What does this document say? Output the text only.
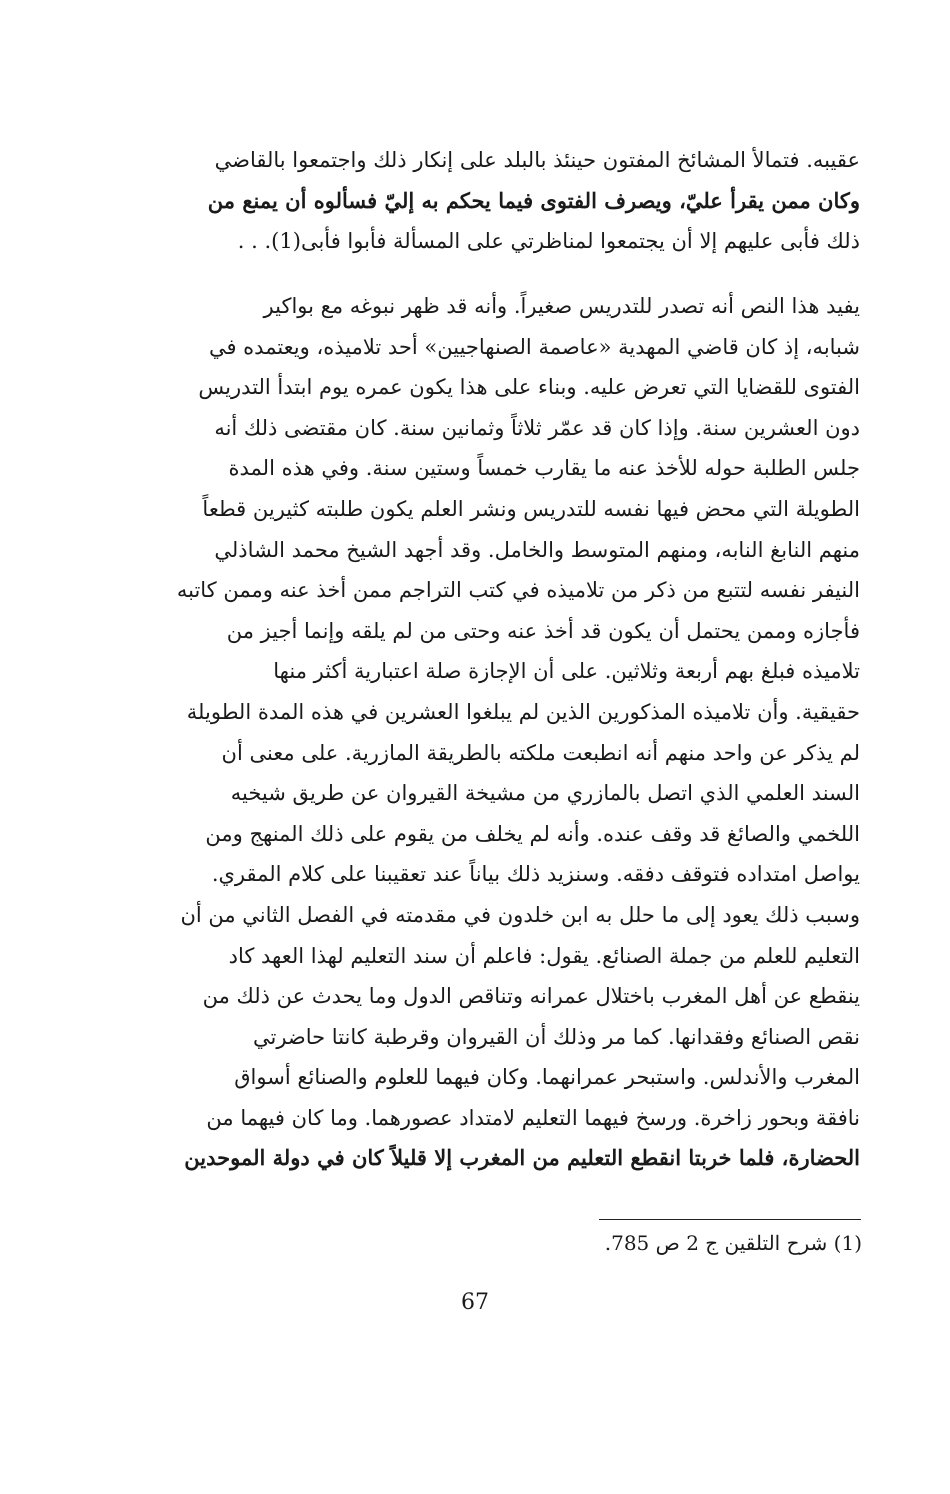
عقيبه. فتمالأ المشائخ المفتون حينئذ بالبلد على إنكار ذلك واجتمعوا بالقاضي
وكان ممن يقرأ عليّ، ويصرف الفتوى فيما يحكم به إليّ فسألوه أن يمنع من
ذلك فأبى عليهم إلا أن يجتمعوا لمناظرتي على المسألة فأبوا فأبى(1). . .
يفيد هذا النص أنه تصدر للتدريس صغيراً. وأنه قد ظهر نبوغه مع بواكير
شبابه، إذ كان قاضي المهدية «عاصمة الصنهاجيين» أحد تلاميذه، ويعتمده في
الفتوى للقضايا التي تعرض عليه. وبناء على هذا يكون عمره يوم ابتدأ التدريس
دون العشرين سنة. وإذا كان قد عمّر ثلاثاً وثمانين سنة. كان مقتضى ذلك أنه
جلس الطلبة حوله للأخذ عنه ما يقارب خمساً وستين سنة. وفي هذه المدة
الطويلة التي محض فيها نفسه للتدريس ونشر العلم يكون طلبته كثيرين قطعاً
منهم النابغ النابه، ومنهم المتوسط والخامل. وقد أجهد الشيخ محمد الشاذلي
النيفر نفسه لتتبع من ذكر من تلاميذه في كتب التراجم ممن أخذ عنه وممن كاتبه
فأجازه وممن يحتمل أن يكون قد أخذ عنه وحتى من لم يلقه وإنما أجيز من
تلاميذه فبلغ بهم أربعة وثلاثين. على أن الإجازة صلة اعتبارية أكثر منها
حقيقية. وأن تلاميذه المذكورين الذين لم يبلغوا العشرين في هذه المدة الطويلة
لم يذكر عن واحد منهم أنه انطبعت ملكته بالطريقة المازرية. على معنى أن
السند العلمي الذي اتصل بالمازري من مشيخة القيروان عن طريق شيخيه
اللخمي والصائغ قد وقف عنده. وأنه لم يخلف من يقوم على ذلك المنهج ومن
يواصل امتداده فتوقف دفقه. وسنزيد ذلك بياناً عند تعقيبنا على كلام المقري.
وسبب ذلك يعود إلى ما حلل به ابن خلدون في مقدمته في الفصل الثاني من أن
التعليم للعلم من جملة الصنائع. يقول: فاعلم أن سند التعليم لهذا العهد كاد
ينقطع عن أهل المغرب باختلال عمرانه وتناقص الدول وما يحدث عن ذلك من
نقص الصنائع وفقدانها. كما مر وذلك أن القيروان وقرطبة كانتا حاضرتي
المغرب والأندلس. واستبحر عمرانهما. وكان فيهما للعلوم والصنائع أسواق
نافقة وبحور زاخرة. ورسخ فيهما التعليم لامتداد عصورهما. وما كان فيهما من
الحضارة، فلما خربتا انقطع التعليم من المغرب إلا قليلاً كان في دولة الموحدين
(1) شرح التلقين ج 2 ص 785.
67
